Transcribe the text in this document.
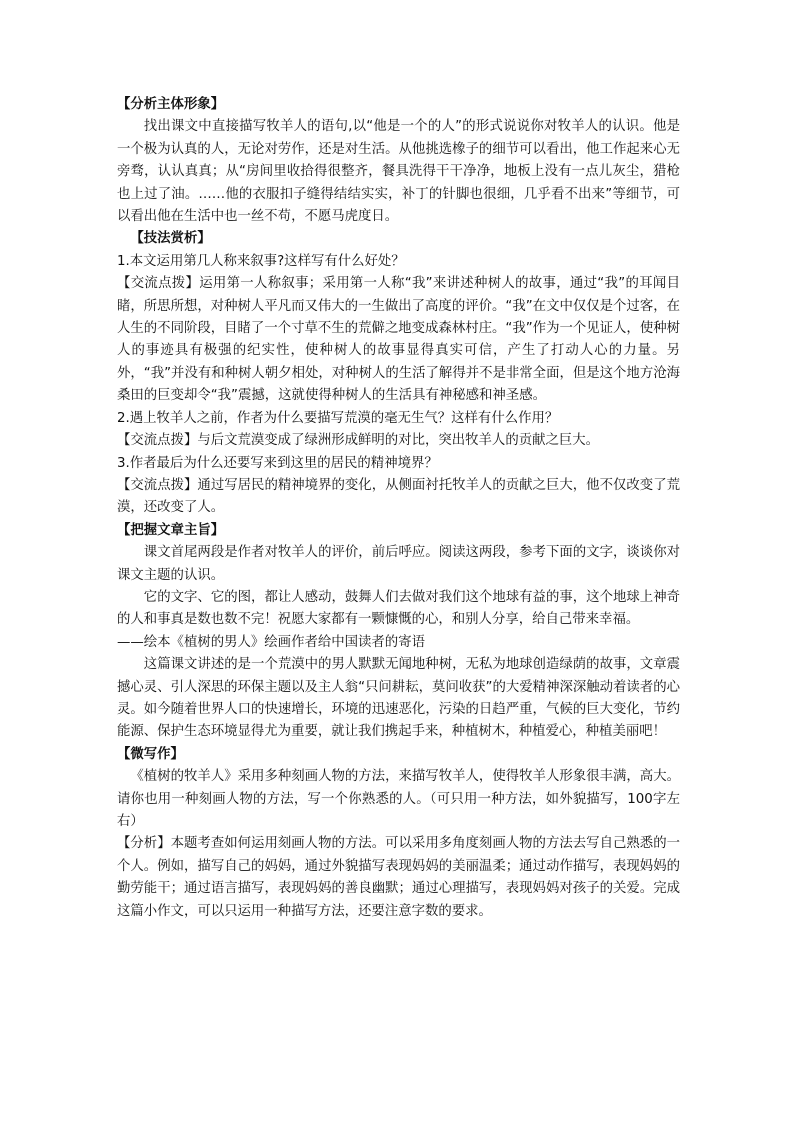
【分析主体形象】

找出课文中直接描写牧羊人的语句,以“他是一个的人”的形式说说你对牧羊人的认识。他是一个极为认真的人，无论对劳作，还是对生活。从他挑选橡子的细节可以看出，他工作起来心无旁骛，认认真真；从“房间里收拾得很整齐，餐具洗得干干净净，地板上没有一点儿灰尘，猎枪也上过了油。……他的衣服扣子缝得结结实实，补丁的针脚也很细，几乎看不出来”等细节，可以看出他在生活中也一丝不苟，不愿马虎度日。

【技法赏析】

1.本文运用第几人称来叙事?这样写有什么好处？

【交流点拨】运用第一人称叙事；采用第一人称“我”来讲述种树人的故事，通过“我”的耳闻目睹，所思所想，对种树人平凡而又伟大的一生做出了高度的评价。“我”在文中仅仅是个过客，在人生的不同阶段，目睹了一个寸草不生的荒僻之地变成森林村庄。“我”作为一个见证人，使种树人的事迹具有极强的纪实性，使种树人的故事显得真实可信，产生了打动人心的力量。另外，“我”并没有和种树人朝夕相处，对种树人的生活了解得并不是非常全面，但是这个地方沧海桑田的巨变却令“我”震撼，这就使得种树人的生活具有神秘感和神圣感。

2.遇上牧羊人之前，作者为什么要描写荒漠的毫无生气？这样有什么作用？

【交流点拨】与后文荒漠变成了绿洲形成鲜明的对比，突出牧羊人的贡献之巨大。

3.作者最后为什么还要写来到这里的居民的精神境界？

【交流点拨】通过写居民的精神境界的变化，从侧面衬托牧羊人的贡献之巨大，他不仅改变了荒漠，还改变了人。

【把握文章主旨】

课文首尾两段是作者对牧羊人的评价，前后呼应。阅读这两段，参考下面的文字，谈谈你对课文主题的认识。

它的文字、它的图，都让人感动，鼓舞人们去做对我们这个地球有益的事，这个地球上神奇的人和事真是数也数不完！祝愿大家都有一颗慷慨的心，和别人分享，给自己带来幸福。

——绘本《植树的男人》绘画作者给中国读者的寄语

这篇课文讲述的是一个荒漠中的男人默默无闻地种树，无私为地球创造绿荫的故事，文章震撼心灵、引人深思的环保主题以及主人翁“只问耕耘，莫问收获”的大爱精神深深触动着读者的心灵。如今随着世界人口的快速增长，环境的迅速恶化，污染的日趋严重，气候的巨大变化，节约能源、保护生态环境显得尤为重要，就让我们携起手来，种植树木，种植爱心，种植美丽吧！

【微写作】

《植树的牧羊人》采用多种刻画人物的方法，来描写牧羊人，使得牧羊人形象很丰满，高大。请你也用一种刻画人物的方法，写一个你熟悉的人。（可只用一种方法，如外貌描写，100字左右）

【分析】本题考查如何运用刻画人物的方法。可以采用多角度刻画人物的方法去写自己熟悉的一个人。例如，描写自己的妈妈，通过外貌描写表现妈妈的美丽温柔；通过动作描写，表现妈妈的勤劳能干；通过语言描写，表现妈妈的善良幽默；通过心理描写，表现妈妈对孩子的关爱。完成这篇小作文，可以只运用一种描写方法，还要注意字数的要求。
